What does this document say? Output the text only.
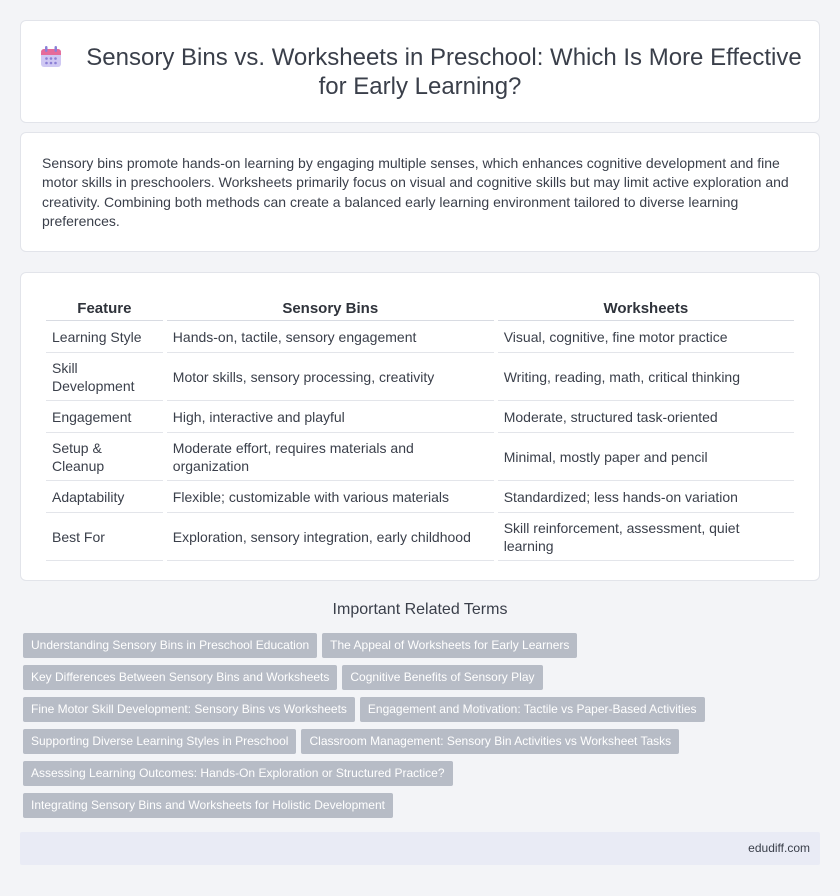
Sensory Bins vs. Worksheets in Preschool: Which Is More Effective for Early Learning?

Sensory bins promote hands-on learning by engaging multiple senses, which enhances cognitive development and fine motor skills in preschoolers. Worksheets primarily focus on visual and cognitive skills but may limit active exploration and creativity. Combining both methods can create a balanced early learning environment tailored to diverse learning preferences.

Feature	Sensory Bins	Worksheets
Learning Style	Hands-on, tactile, sensory engagement	Visual, cognitive, fine motor practice
Skill Development	Motor skills, sensory processing, creativity	Writing, reading, math, critical thinking
Engagement	High, interactive and playful	Moderate, structured task-oriented
Setup & Cleanup	Moderate effort, requires materials and organization	Minimal, mostly paper and pencil
Adaptability	Flexible; customizable with various materials	Standardized; less hands-on variation
Best For	Exploration, sensory integration, early childhood	Skill reinforcement, assessment, quiet learning
Important Related Terms
Understanding Sensory Bins in Preschool Education The Appeal of Worksheets for Early Learners
Key Differences Between Sensory Bins and Worksheets Cognitive Benefits of Sensory Play
Fine Motor Skill Development: Sensory Bins vs Worksheets Engagement and Motivation: Tactile vs Paper-Based Activities
Supporting Diverse Learning Styles in Preschool Classroom Management: Sensory Bin Activities vs Worksheet Tasks
Assessing Learning Outcomes: Hands-On Exploration or Structured Practice?
Integrating Sensory Bins and Worksheets for Holistic Development
edudiff.com
